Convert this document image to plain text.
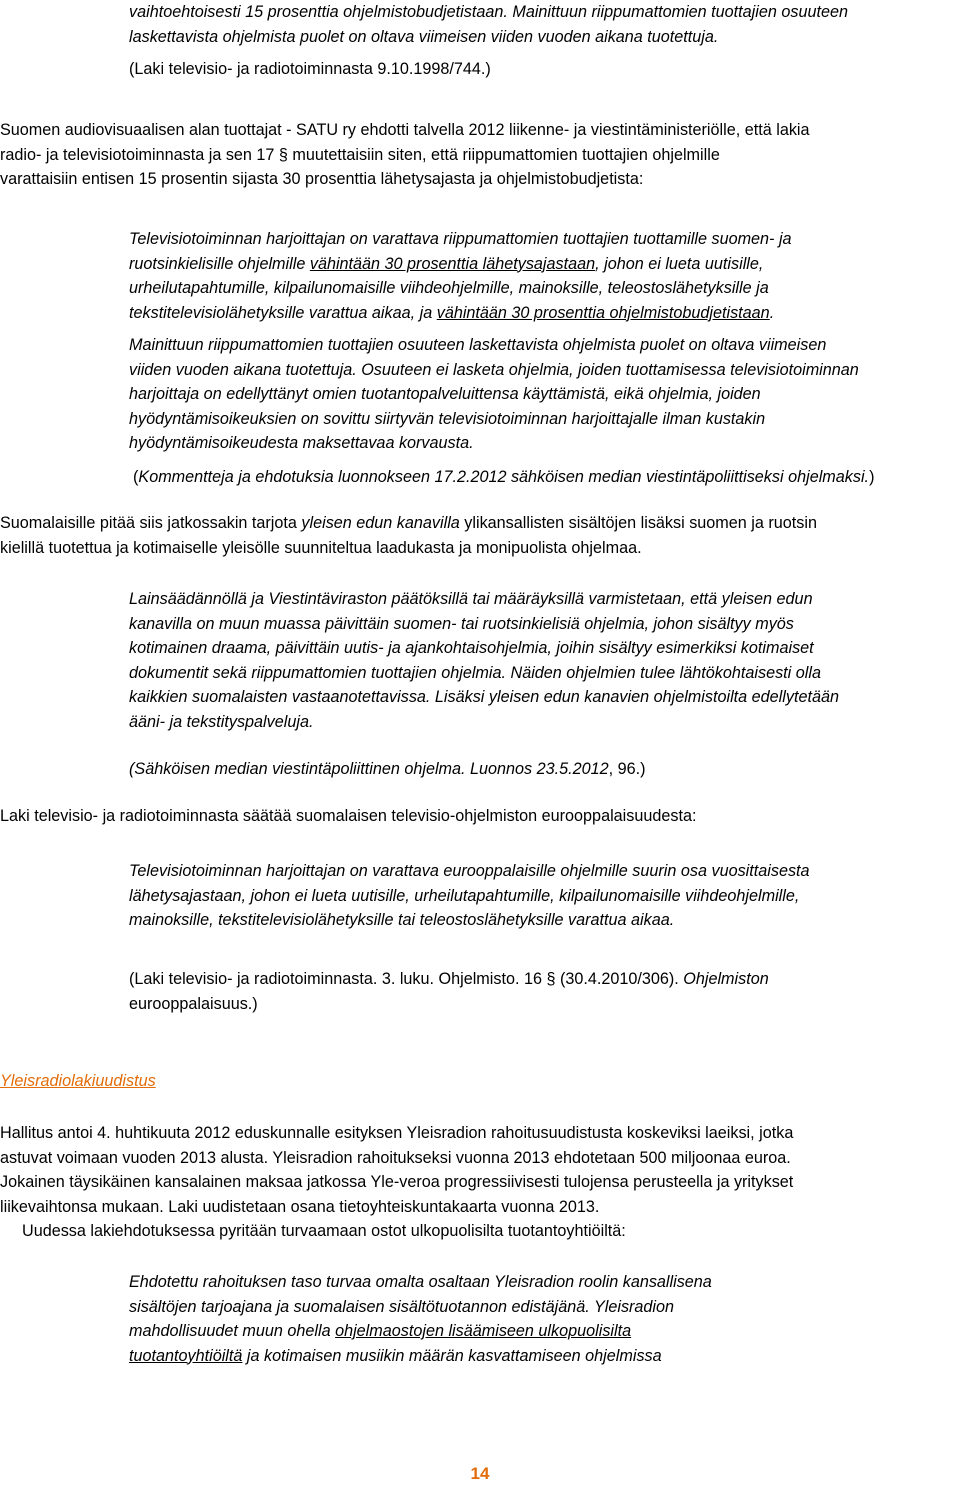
vaihtoehtoisesti 15 prosenttia ohjelmistobudjetistaan. Mainittuun riippumattomien tuottajien osuuteen

laskettavista ohjelmista puolet on oltava viimeisen viiden vuoden aikana tuotettuja.

(Laki televisio- ja radiotoiminnasta 9.10.1998/744.)

Suomen audiovisuaalisen alan tuottajat - SATU ry ehdotti talvella 2012 liikenne- ja viestintäministeriölle, että lakia

radio- ja televisiotoiminnasta ja sen 17 § muutettaisiin siten, että riippumattomien tuottajien ohjelmille

varattaisiin entisen 15 prosentin sijasta 30 prosenttia lähetysajasta ja ohjelmistobudjetista:

Televisiotoiminnan harjoittajan on varattava riippumattomien tuottajien tuottamille suomen- ja

ruotsinkielisille ohjelmille vähintään 30 prosenttia lähetysajastaan, johon ei lueta uutisille,

urheilutapahtumille, kilpailunomaisille viihdeohjelmille, mainoksille, teleostoslähetyksille ja

tekstitelevisiolähetyksille varattua aikaa, ja vähintään 30 prosenttia ohjelmistobudjetistaan.

Mainittuun riippumattomien tuottajien osuuteen laskettavista ohjelmista puolet on oltava viimeisen

viiden vuoden aikana tuotettuja. Osuuteen ei lasketa ohjelmia, joiden tuottamisessa televisiotoiminnan

harjoittaja on edellyttänyt omien tuotantopalveluittensa käyttämistä, eikä ohjelmia, joiden

hyödyntämisoikeuksien on sovittu siirtyvän televisiotoiminnan harjoittajalle ilman kustakin

hyödyntämisoikeudesta maksettavaa korvausta.

(Kommentteja ja ehdotuksia luonnokseen 17.2.2012 sähköisen median viestintäpoliittiseksi ohjelmaksi.)

Suomalaisille pitää siis jatkossakin tarjota yleisen edun kanavilla ylikansallisten sisältöjen lisäksi suomen ja ruotsin

kielillä tuotettua ja kotimaiselle yleisölle suunniteltua laadukasta ja monipuolista ohjelmaa.

Lainsäädännöllä ja Viestintäviraston päätöksillä tai määräyksillä varmistetaan, että yleisen edun

kanavilla on muun muassa päivittäin suomen- tai ruotsinkielisiä ohjelmia, johon sisältyy myös

kotimainen draama, päivittäin uutis- ja ajankohtaisohjelmia, joihin sisältyy esimerkiksi kotimaiset

dokumentit sekä riippumattomien tuottajien ohjelmia. Näiden ohjelmien tulee lähtökohtaisesti olla

kaikkien suomalaisten vastaanotettavissa. Lisäksi yleisen edun kanavien ohjelmistoilta edellytetään

ääni- ja tekstityspalveluja.

(Sähköisen median viestintäpoliittinen ohjelma. Luonnos 23.5.2012, 96.)

Laki televisio- ja radiotoiminnasta säätää suomalaisen televisio-ohjelmiston eurooppalaisuudesta:

Televisiotoiminnan harjoittajan on varattava eurooppalaisille ohjelmille suurin osa vuosittaisesta

lähetysajastaan, johon ei lueta uutisille, urheilutapahtumille, kilpailunomaisille viihdeohjelmille,

mainoksille, tekstitelevisiolähetyksille tai teleostoslähetyksille varattua aikaa.

(Laki televisio- ja radiotoiminnasta. 3. luku. Ohjelmisto. 16 § (30.4.2010/306). Ohjelmiston

eurooppalaisuus.)

Yleisradiolakiuudistus

Hallitus antoi 4. huhtikuuta 2012 eduskunnalle esityksen Yleisradion rahoitusuudistusta koskeviksi laeiksi, jotka

astuvat voimaan vuoden 2013 alusta. Yleisradion rahoitukseksi vuonna 2013 ehdotetaan 500 miljoonaa euroa.

Jokainen täysikäinen kansalainen maksaa jatkossa Yle-veroa progressiivisesti tulojensa perusteella ja yritykset

liikevaihtonsa mukaan. Laki uudistetaan osana tietoyhteiskuntakaarta vuonna 2013.

Uudessa lakiehdotuksessa pyritään turvaamaan ostot ulkopuolisilta tuotantoyhtiöiltä:

Ehdotettu rahoituksen taso turvaa omalta osaltaan Yleisradion roolin kansallisena

sisältöjen tarjoajana ja suomalaisen sisältötuotannon edistäjänä. Yleisradion

mahdollisuudet muun ohella ohjelmaostojen lisäämiseen ulkopuolisilta

tuotantoyhtiöiltä ja kotimaisen musiikin määrän kasvattamiseen ohjelmissa

14
